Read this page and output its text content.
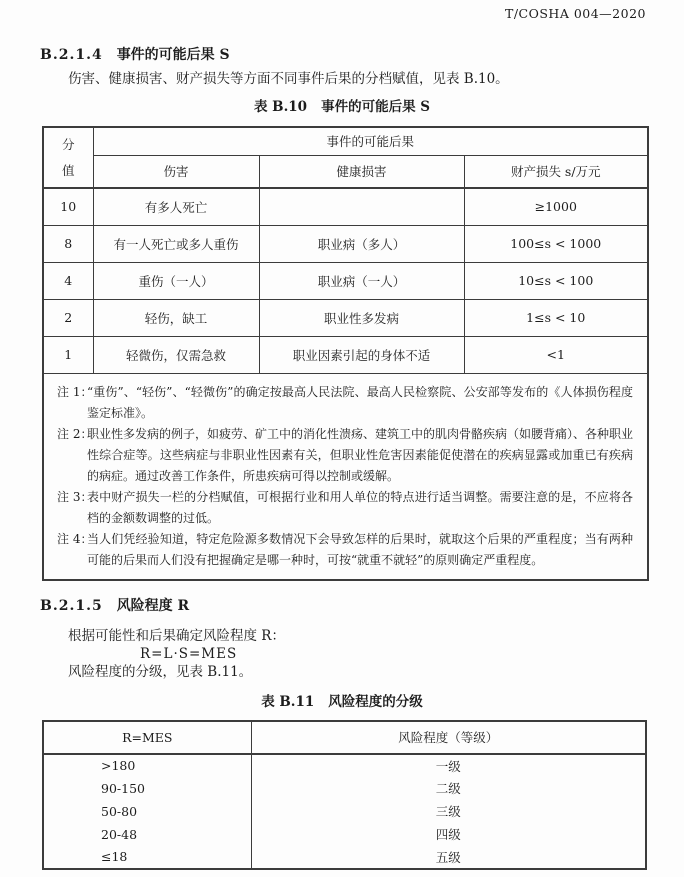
T/COSHA 004—2020
B.2.1.4 事件的可能后果 S
伤害、健康损害、财产损失等方面不同事件后果的分档赋值，见表 B.10。
表 B.10 事件的可能后果 S
分
值	事件的可能后果		
	伤害	健康损害	财产损失 s/万元
10	有多人死亡		≥1000
8	有一人死亡或多人重伤	职业病（多人）	100≤s < 1000
4	重伤（一人）	职业病（一人）	10≤s < 100
2	轻伤，缺工	职业性多发病	1≤s < 10
1	轻微伤，仅需急救	职业因素引起的身体不适	<1

注 1：
“重伤”、“轻伤”、“轻微伤”的确定按最高人民法院、最高人民检察院、公安部等发布的《人体损伤程度鉴定标准》。
注 2：
职业性多发病的例子，如疲劳、矿工中的消化性溃疡、建筑工中的肌肉骨骼疾病（如腰背痛）、各种职业性综合症等。这些病症与非职业性因素有关，但职业性危害因素能促使潜在的疾病显露或加重已有疾病的病症。通过改善工作条件，所患疾病可得以控制或缓解。
注 3：
表中财产损失一栏的分档赋值，可根据行业和用人单位的特点进行适当调整。需要注意的是，不应将各档的金额数调整的过低。
注 4：
当人们凭经验知道，特定危险源多数情况下会导致怎样的后果时，就取这个后果的严重程度；当有两种可能的后果而人们没有把握确定是哪一种时，可按“就重不就轻”的原则确定严重程度。
B.2.1.5 风险程度 R
根据可能性和后果确定风险程度 R：
R=L·S=MES
风险程度的分级，见表 B.11。
表 B.11 风险程度的分级
R=MES	风险程度（等级）
>180	一级
90-150	二级
50-80	三级
20-48	四级
≤18	五级
